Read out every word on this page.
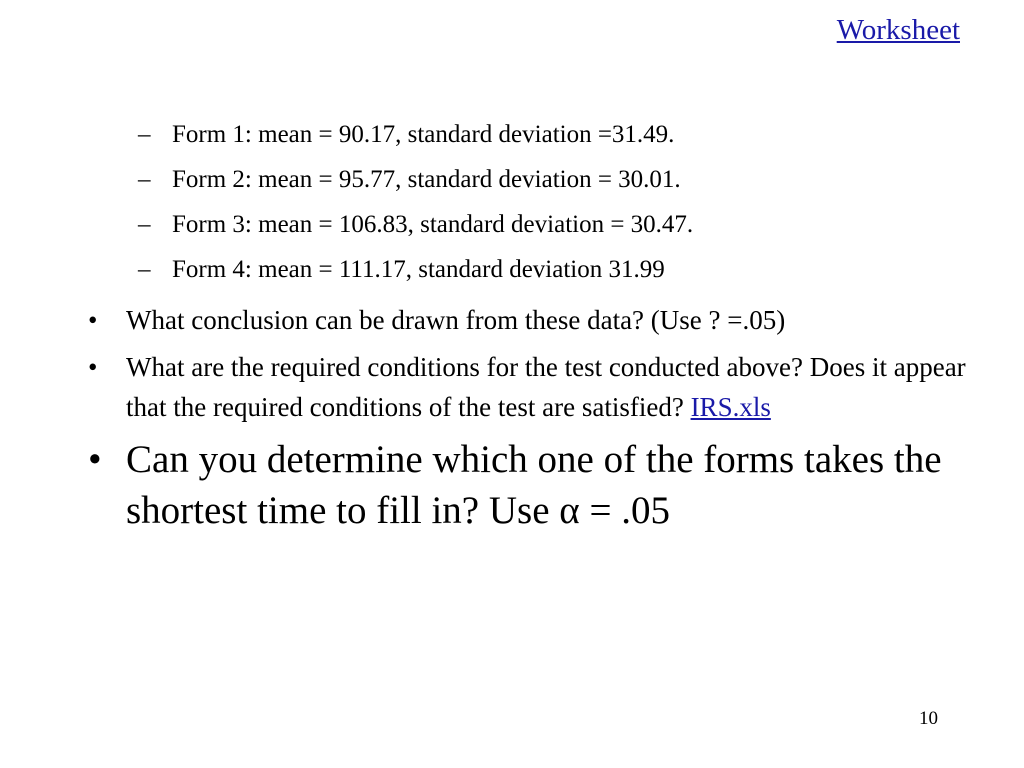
Worksheet
– Form 1: mean = 90.17, standard deviation =31.49.
– Form 2: mean = 95.77, standard deviation = 30.01.
– Form 3: mean = 106.83, standard deviation = 30.47.
– Form 4: mean = 111.17, standard deviation 31.99
• What conclusion can be drawn from these data? (Use ? =.05)
• What are the required conditions for the test conducted above? Does it appear that the required conditions of the test are satisfied? IRS.xls
• Can you determine which one of the forms takes the shortest time to fill in? Use α = .05
10
